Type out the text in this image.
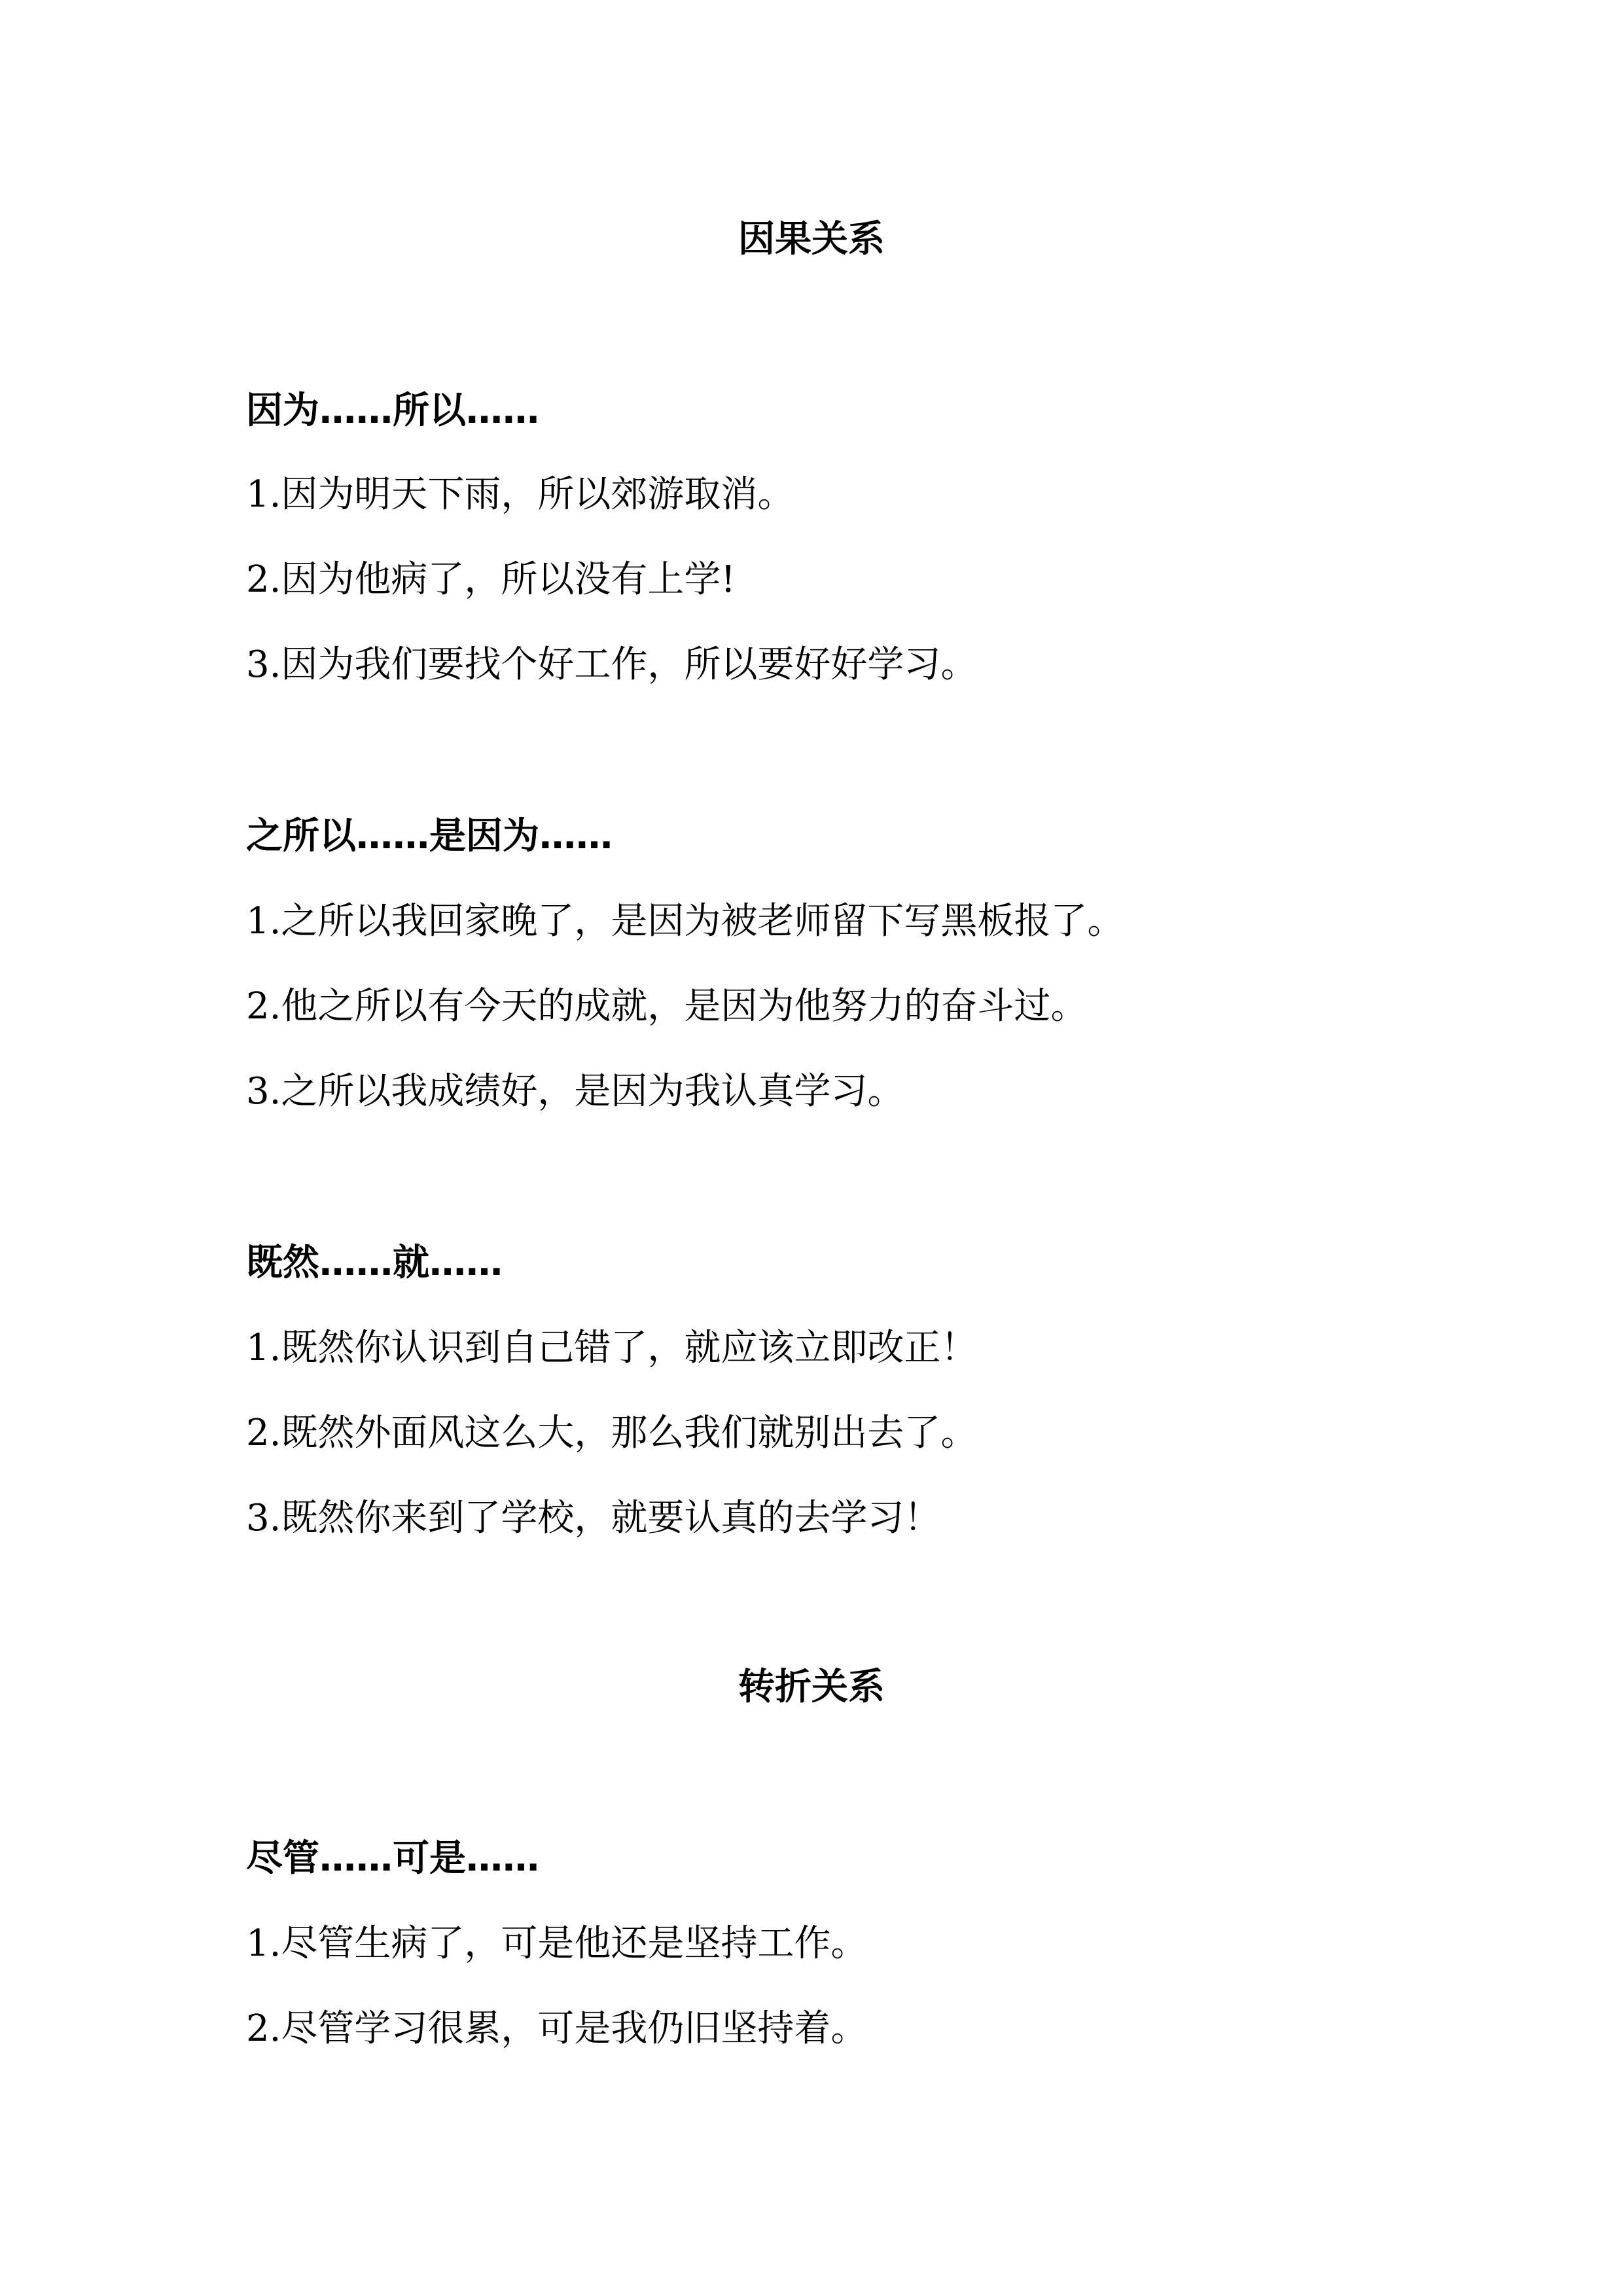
因果关系
因为……所以……

1.因为明天下雨，所以郊游取消。

2.因为他病了，所以没有上学!

3.因为我们要找个好工作，所以要好好学习。

之所以……是因为……

1.之所以我回家晚了，是因为被老师留下写黑板报了。

2.他之所以有今天的成就，是因为他努力的奋斗过。

3.之所以我成绩好，是因为我认真学习。

既然……就……

1.既然你认识到自己错了，就应该立即改正！

2.既然外面风这么大，那么我们就别出去了。

3.既然你来到了学校，就要认真的去学习！

转折关系
尽管……可是……

1.尽管生病了，可是他还是坚持工作。

2.尽管学习很累，可是我仍旧坚持着。
